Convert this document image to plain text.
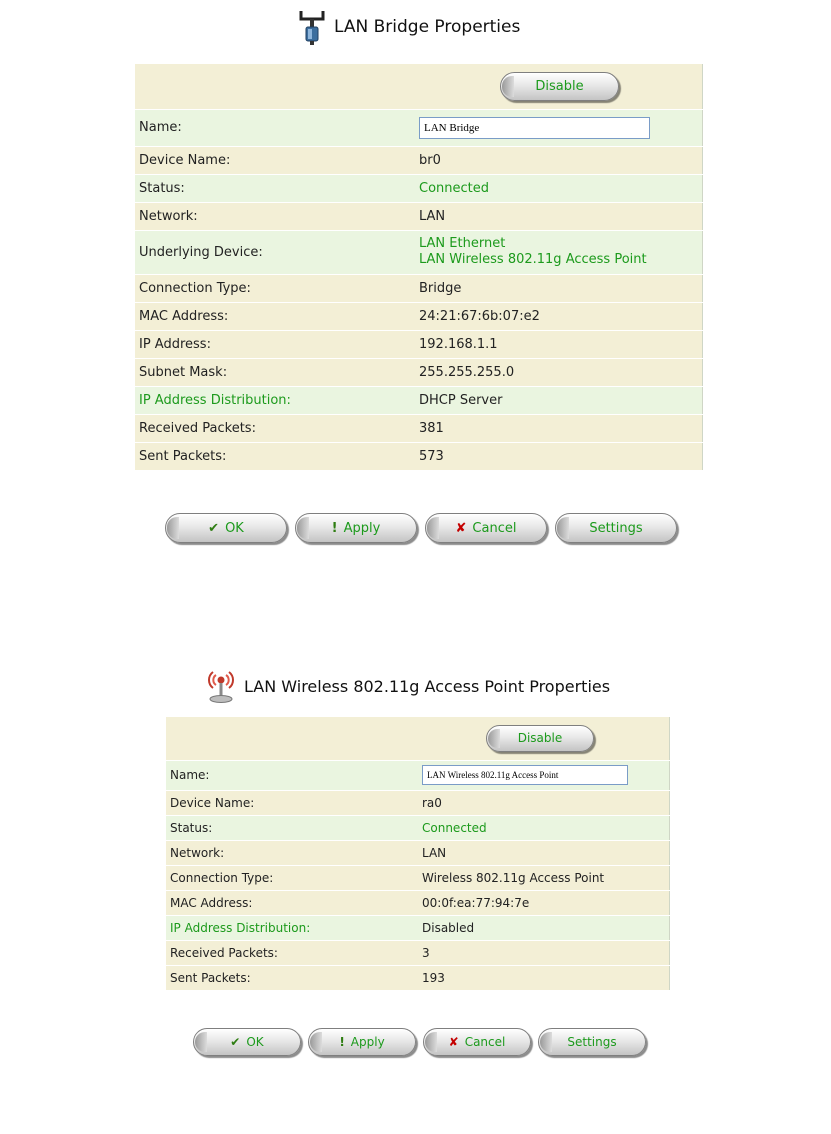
LAN Bridge Properties

	Disable

Name:	LAN Bridge
Device Name:	br0
Status:	Connected
Network:	LAN
Underlying Device:	LAN Ethernet
LAN Wireless 802.11g Access Point
Connection Type:	Bridge
MAC Address:	24:21:67:6b:07:e2
IP Address:	192.168.1.1
Subnet Mask:	255.255.255.0
IP Address Distribution:	DHCP Server
Received Packets:	381
Sent Packets:	573
✔ OK	! Apply	✘ Cancel	Settings
LAN Wireless 802.11g Access Point Properties

	Disable

Name:	LAN Wireless 802.11g Access Point
Device Name:	ra0
Status:	Connected
Network:	LAN
Connection Type:	Wireless 802.11g Access Point
MAC Address:	00:0f:ea:77:94:7e
IP Address Distribution:	Disabled
Received Packets:	3
Sent Packets:	193
✔ OK	! Apply	✘ Cancel	Settings
